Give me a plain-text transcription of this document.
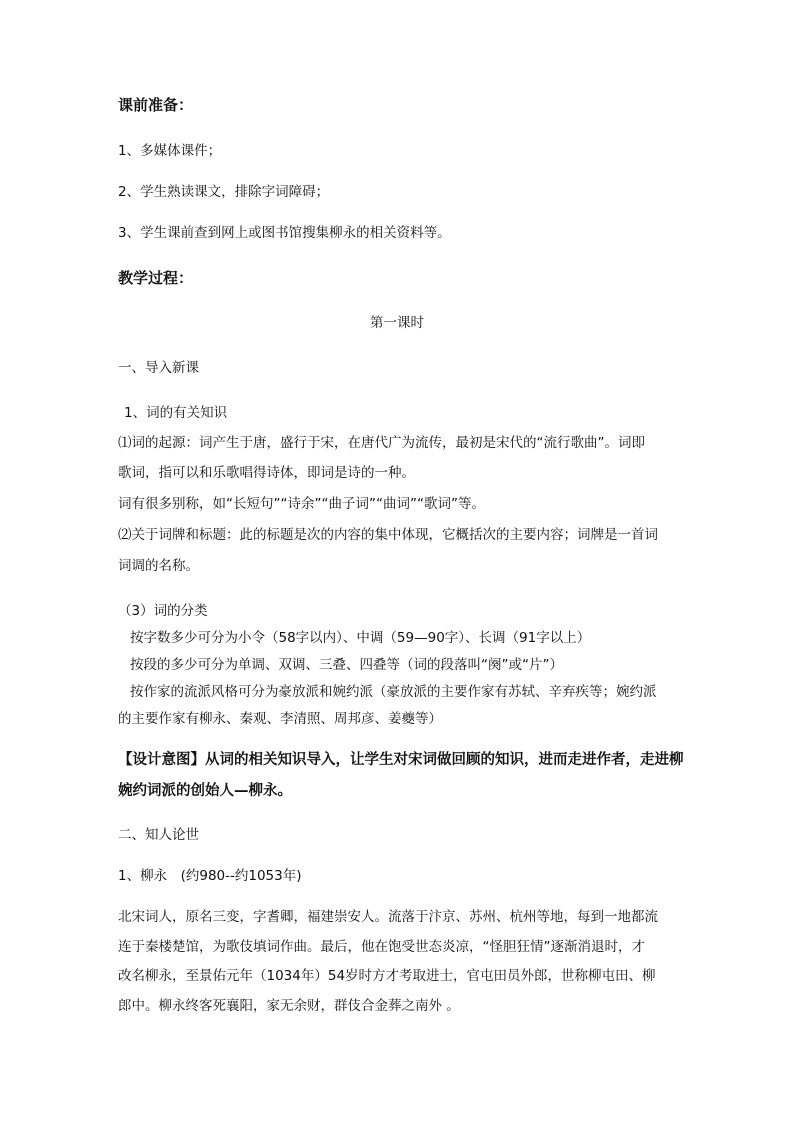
课前准备：
1、多媒体课件；
2、学生熟读课文，排除字词障碍；
3、学生课前查到网上或图书馆搜集柳永的相关资料等。
教学过程：
第一课时
一、导入新课
1、词的有关知识
⑴词的起源：词产生于唐，盛行于宋，在唐代广为流传，最初是宋代的“流行歌曲”。词即
歌词，指可以和乐歌唱得诗体，即词是诗的一种。
词有很多别称，如“长短句”“诗余”“曲子词”“曲词”“歌词”等。
⑵关于词牌和标题：此的标题是次的内容的集中体现，它概括次的主要内容；词牌是一首词
词调的名称。
（3）词的分类
按字数多少可分为小令（58字以内）、中调（59—90字）、长调（91字以上）
按段的多少可分为单调、双调、三叠、四叠等（词的段落叫“阕”或“片”）
按作家的流派风格可分为豪放派和婉约派（豪放派的主要作家有苏轼、辛弃疾等；婉约派
的主要作家有柳永、秦观、李清照、周邦彦、姜夔等）
【设计意图】从词的相关知识导入，让学生对宋词做回顾的知识，进而走进作者，走进柳
婉约词派的创始人—柳永。
二、知人论世
1、柳永　(约980--约1053年)
北宋词人，原名三变，字耆卿，福建崇安人。流落于汴京、苏州、杭州等地，每到一地都流
连于秦楼楚馆，为歌伎填词作曲。最后，他在饱受世态炎凉，“怪胆狂情”逐渐消退时，才
改名柳永，至景佑元年（1034年）54岁时方才考取进士，官屯田员外郎，世称柳屯田、柳
郎中。柳永终客死襄阳，家无余财，群伎合金葬之南外 。
